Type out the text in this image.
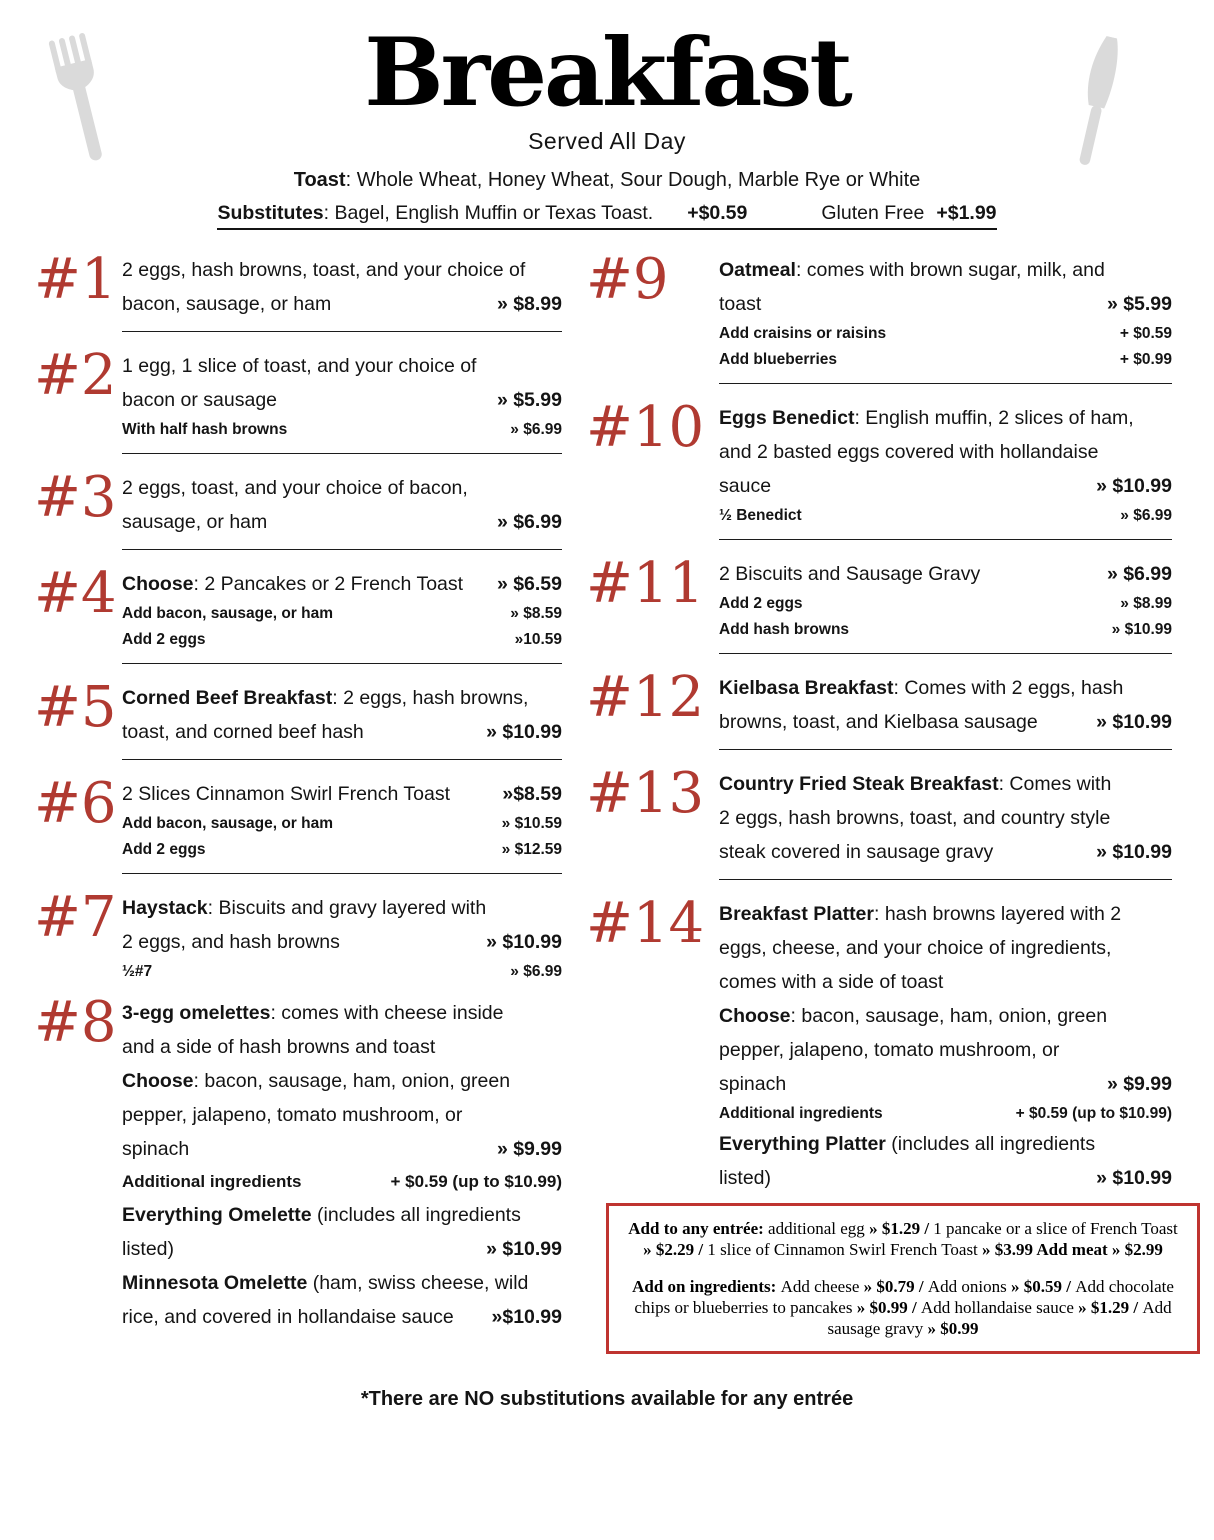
Breakfast
Served All Day
Toast: Whole Wheat, Honey Wheat, Sour Dough, Marble Rye or White
Substitutes: Bagel, English Muffin or Texas Toast. +$0.59	Gluten Free +$1.99
#1 2 eggs, hash browns, toast, and your choice of
bacon, sausage, or ham	» $8.99
#2 1 egg, 1 slice of toast, and your choice of
bacon or sausage	» $5.99
With half hash browns	» $6.99
#3 2 eggs, toast, and your choice of bacon,
sausage, or ham	» $6.99
#4 Choose: 2 Pancakes or 2 French Toast	» $6.59
Add bacon, sausage, or ham	» $8.59
Add 2 eggs	»10.59
#5 Corned Beef Breakfast: 2 eggs, hash browns,
toast, and corned beef hash	» $10.99
#6 2 Slices Cinnamon Swirl French Toast	»$8.59
Add bacon, sausage, or ham	» $10.59
Add 2 eggs	» $12.59
#7 Haystack: Biscuits and gravy layered with
2 eggs, and hash browns	» $10.99
½#7	» $6.99
#8 3-egg omelettes: comes with cheese inside
and a side of hash browns and toast
Choose: bacon, sausage, ham, onion, green
pepper, jalapeno, tomato mushroom, or
spinach	» $9.99
Additional ingredients	+ $0.59 (up to $10.99)
Everything Omelette (includes all ingredients
listed)	» $10.99
Minnesota Omelette (ham, swiss cheese, wild
rice, and covered in hollandaise sauce	»$10.99
#9	Oatmeal: comes with brown sugar, milk, and
toast	» $5.99
Add craisins or raisins	+ $0.59
Add blueberries	+ $0.99
#10 Eggs Benedict: English muffin, 2 slices of ham,
and 2 basted eggs covered with hollandaise
sauce	» $10.99
½ Benedict	» $6.99
#11 2 Biscuits and Sausage Gravy	» $6.99
Add 2 eggs	» $8.99
Add hash browns	» $10.99
#12 Kielbasa Breakfast: Comes with 2 eggs, hash
browns, toast, and Kielbasa sausage	» $10.99
#13 Country Fried Steak Breakfast: Comes with
2 eggs, hash browns, toast, and country style
steak covered in sausage gravy	» $10.99
#14 Breakfast Platter: hash browns layered with 2
eggs, cheese, and your choice of ingredients,
comes with a side of toast
Choose: bacon, sausage, ham, onion, green
pepper, jalapeno, tomato mushroom, or
spinach	» $9.99
Additional ingredients	+ $0.59 (up to $10.99)
Everything Platter (includes all ingredients
listed)	» $10.99

Add to any entrée: additional egg » $1.29 / 1 pancake or a slice of French Toast » $2.29 / 1 slice of Cinnamon Swirl French Toast » $3.99 Add meat » $2.99

Add on ingredients: Add cheese » $0.79 / Add onions » $0.59 / Add chocolate chips or blueberries to pancakes » $0.99 / Add hollandaise sauce » $1.29 / Add sausage gravy » $0.99

*There are NO substitutions available for any entrée
